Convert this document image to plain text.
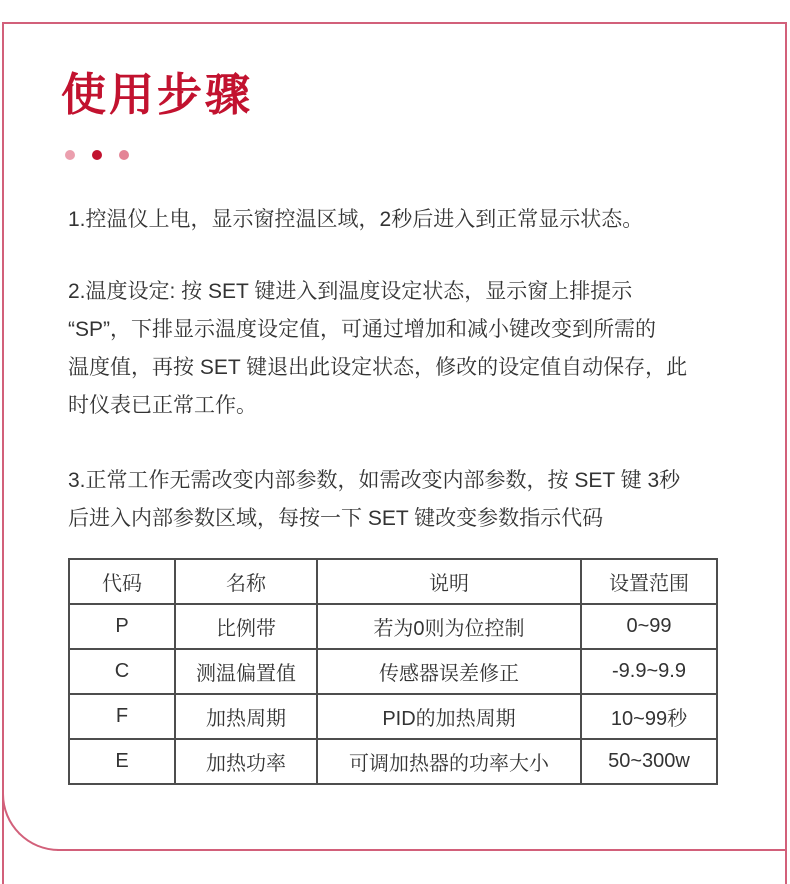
使用步骤
1.控温仪上电，显示窗控温区域，2秒后进入到正常显示状态。
2.温度设定: 按 SET 键进入到温度设定状态，显示窗上排提示
“SP”，下排显示温度设定值，可通过增加和减小键改变到所需的
温度值，再按 SET 键退出此设定状态，修改的设定值自动保存，此
时仪表已正常工作。
3.正常工作无需改变内部参数，如需改变内部参数，按 SET 键 3秒
后进入内部参数区域，每按一下 SET 键改变参数指示代码
代码	名称	说明	设置范围
P	比例带	若为0则为位控制	0~99
C	测温偏置值	传感器误差修正	-9.9~9.9
F	加热周期	PID的加热周期	10~99秒
E	加热功率	可调加热器的功率大小	50~300w
